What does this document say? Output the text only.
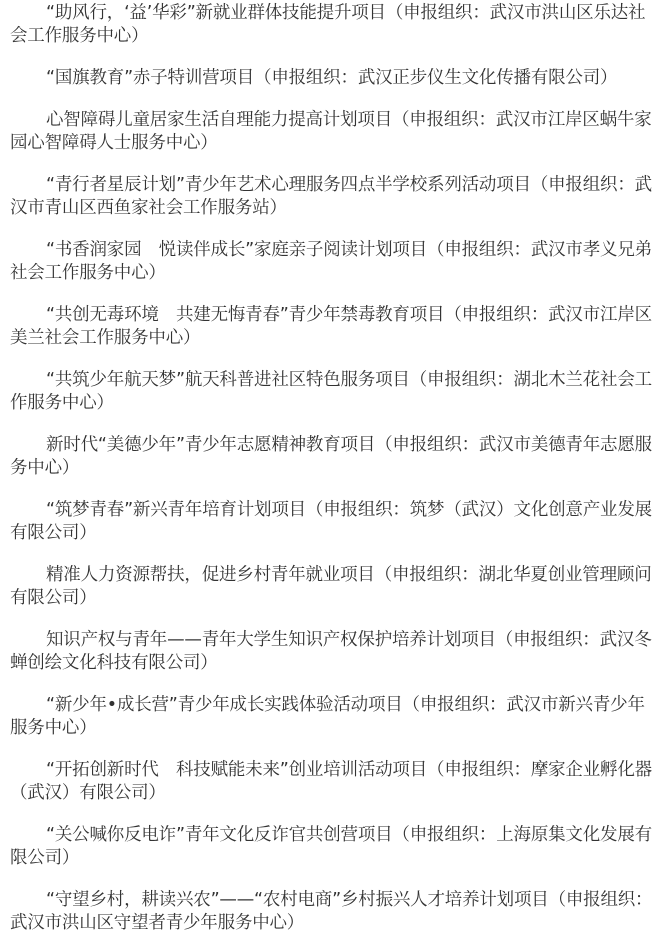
“助风行，‘益’华彩”新就业群体技能提升项目（申报组织：武汉市洪山区乐达社会工作服务中心）

“国旗教育”赤子特训营项目（申报组织：武汉正步仪生文化传播有限公司）

心智障碍儿童居家生活自理能力提高计划项目（申报组织：武汉市江岸区蜗牛家园心智障碍人士服务中心）

“青行者星辰计划”青少年艺术心理服务四点半学校系列活动项目（申报组织：武汉市青山区西鱼家社会工作服务站）

“书香润家园　悦读伴成长”家庭亲子阅读计划项目（申报组织：武汉市孝义兄弟社会工作服务中心）

“共创无毒环境　共建无悔青春”青少年禁毒教育项目（申报组织：武汉市江岸区美兰社会工作服务中心）

“共筑少年航天梦”航天科普进社区特色服务项目（申报组织：湖北木兰花社会工作服务中心）

新时代“美德少年”青少年志愿精神教育项目（申报组织：武汉市美德青年志愿服务中心）

“筑梦青春”新兴青年培育计划项目（申报组织：筑梦（武汉）文化创意产业发展有限公司）

精准人力资源帮扶，促进乡村青年就业项目（申报组织：湖北华夏创业管理顾问有限公司）

知识产权与青年——青年大学生知识产权保护培养计划项目（申报组织：武汉冬蝉创绘文化科技有限公司）

“新少年•成长营”青少年成长实践体验活动项目（申报组织：武汉市新兴青少年服务中心）

“开拓创新时代　科技赋能未来”创业培训活动项目（申报组织：摩家企业孵化器（武汉）有限公司）

“关公喊你反电诈”青年文化反诈官共创营项目（申报组织：上海原集文化发展有限公司）

“守望乡村，耕读兴农”——“农村电商”乡村振兴人才培养计划项目（申报组织：武汉市洪山区守望者青少年服务中心）
